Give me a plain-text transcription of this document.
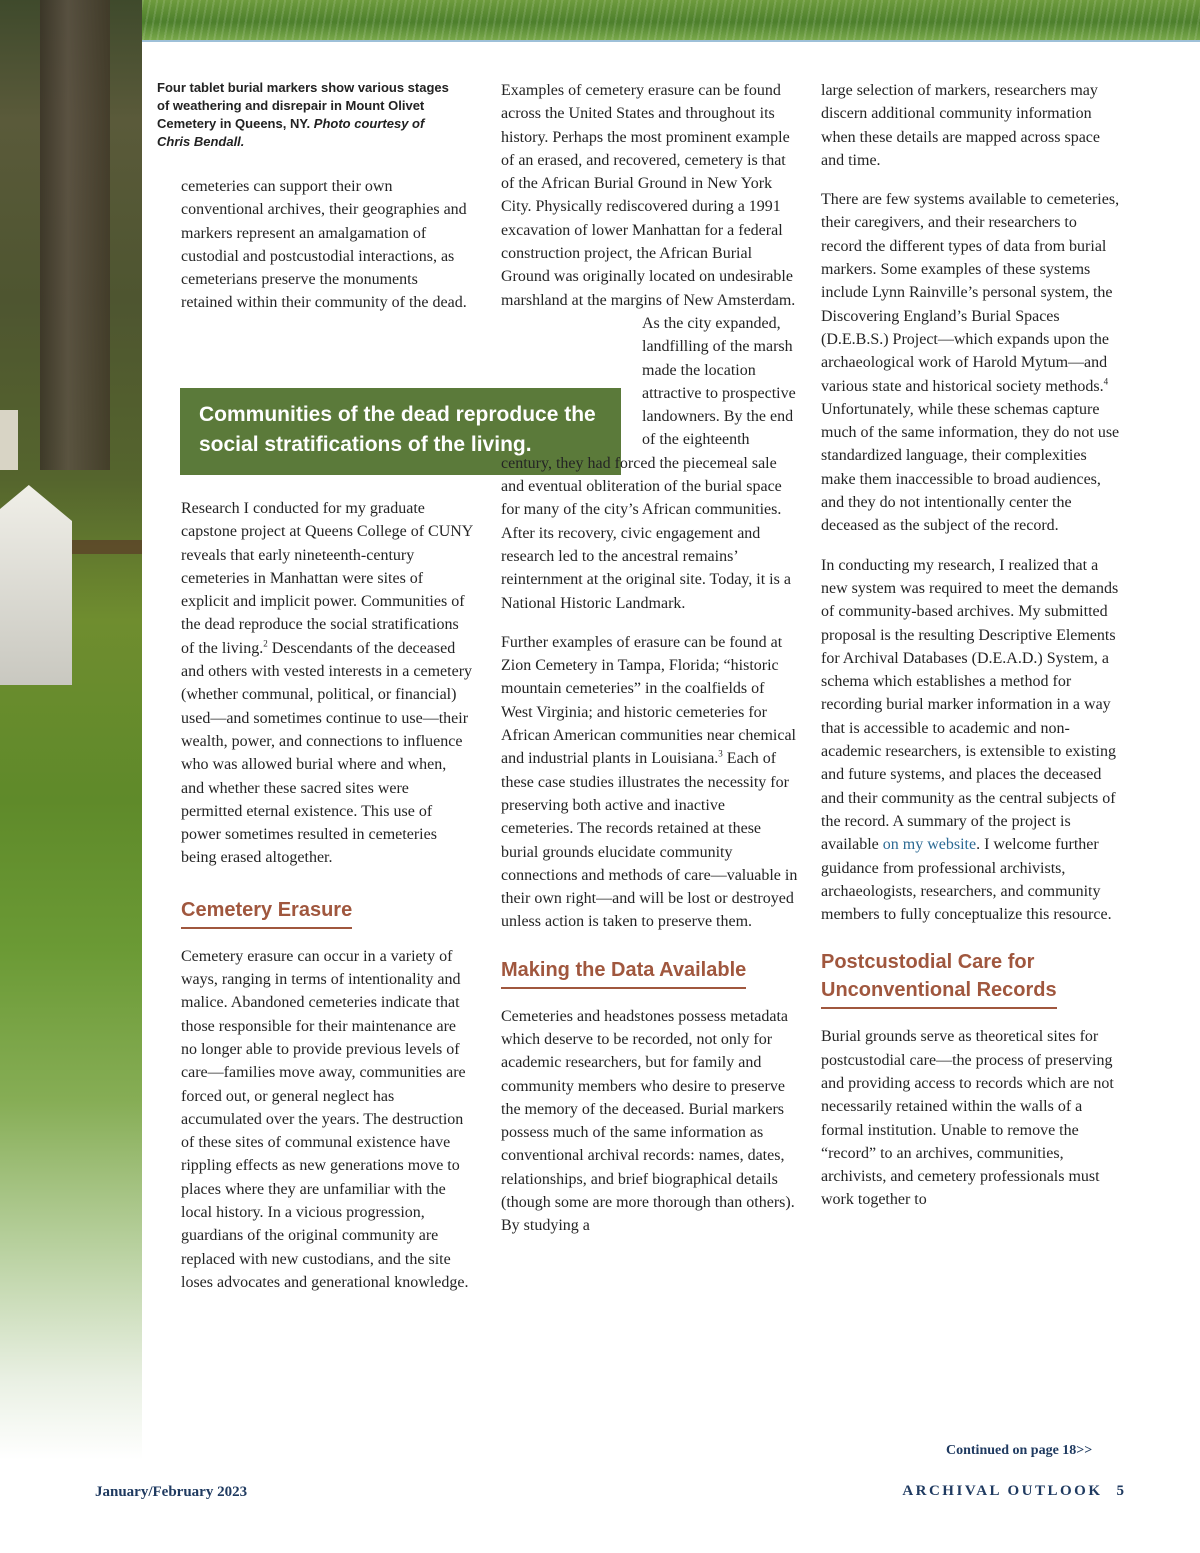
Four tablet burial markers show various stages of weathering and disrepair in Mount Olivet Cemetery in Queens, NY. Photo courtesy of Chris Bendall.

cemeteries can support their own conventional archives, their geographies and markers represent an amalgamation of custodial and postcustodial interactions, as cemeterians preserve the monuments retained within their community of the dead.

Communities of the dead reproduce the social stratifications of the living.

Research I conducted for my graduate capstone project at Queens College of CUNY reveals that early nineteenth-century cemeteries in Manhattan were sites of explicit and implicit power. Communities of the dead reproduce the social stratifications of the living.$^2$ Descendants of the deceased and others with vested interests in a cemetery (whether communal, political, or financial) used—and sometimes continue to use—their wealth, power, and connections to influence who was allowed burial where and when, and whether these sacred sites were permitted eternal existence. This use of power sometimes resulted in cemeteries being erased altogether.

Cemetery Erasure

Cemetery erasure can occur in a variety of ways, ranging in terms of intentionality and malice. Abandoned cemeteries indicate that those responsible for their maintenance are no longer able to provide previous levels of care—families move away, communities are forced out, or general neglect has accumulated over the years. The destruction of these sites of communal existence have rippling effects as new generations move to places where they are unfamiliar with the local history. In a vicious progression, guardians of the original community are replaced with new custodians, and the site loses advocates and generational knowledge.

Examples of cemetery erasure can be found across the United States and throughout its history. Perhaps the most prominent example of an erased, and recovered, cemetery is that of the African Burial Ground in New York City. Physically rediscovered during a 1991 excavation of lower Manhattan for a federal construction project, the African Burial Ground was originally located on undesirable marshland at the margins of New Amsterdam.
As the city expanded, landfilling of the marsh made the location attractive to prospective landowners. By the end of the eighteenth century, they had forced the piecemeal sale and eventual obliteration of the burial space for many of the city’s African communities. After its recovery, civic engagement and research led to the ancestral remains’ reinternment at the original site. Today, it is a National Historic Landmark.

Further examples of erasure can be found at Zion Cemetery in Tampa, Florida; “historic mountain cemeteries” in the coalfields of West Virginia; and historic cemeteries for African American communities near chemical and industrial plants in Louisiana.$^3$ Each of these case studies illustrates the necessity for preserving both active and inactive cemeteries. The records retained at these burial grounds elucidate community connections and methods of care—valuable in their own right—and will be lost or destroyed unless action is taken to preserve them.

Making the Data Available

Cemeteries and headstones possess metadata which deserve to be recorded, not only for academic researchers, but for family and community members who desire to preserve the memory of the deceased. Burial markers possess much of the same information as conventional archival records: names, dates, relationships, and brief biographical details (though some are more thorough than others). By studying a

large selection of markers, researchers may discern additional community information when these details are mapped across space and time.

There are few systems available to cemeteries, their caregivers, and their researchers to record the different types of data from burial markers. Some examples of these systems include Lynn Rainville’s personal system, the Discovering England’s Burial Spaces (D.E.B.S.) Project—which expands upon the archaeological work of Harold Mytum—and various state and historical society methods.$^4$ Unfortunately, while these schemas capture much of the same information, they do not use standardized language, their complexities make them inaccessible to broad audiences, and they do not intentionally center the deceased as the subject of the record.

In conducting my research, I realized that a new system was required to meet the demands of community-based archives. My submitted proposal is the resulting Descriptive Elements for Archival Databases (D.E.A.D.) System, a schema which establishes a method for recording burial marker information in a way that is accessible to academic and non-academic researchers, is extensible to existing and future systems, and places the deceased and their community as the central subjects of the record. A summary of the project is available on my website. I welcome further guidance from professional archivists, archaeologists, researchers, and community members to fully conceptualize this resource.

Postcustodial Care for
Unconventional Records

Burial grounds serve as theoretical sites for postcustodial care—the process of preserving and providing access to records which are not necessarily retained within the walls of a formal institution. Unable to remove the “record” to an archives, communities, archivists, and cemetery professionals must work together to

Continued on page 18>>
January/February 2023	ARCHIVAL OUTLOOK 5
